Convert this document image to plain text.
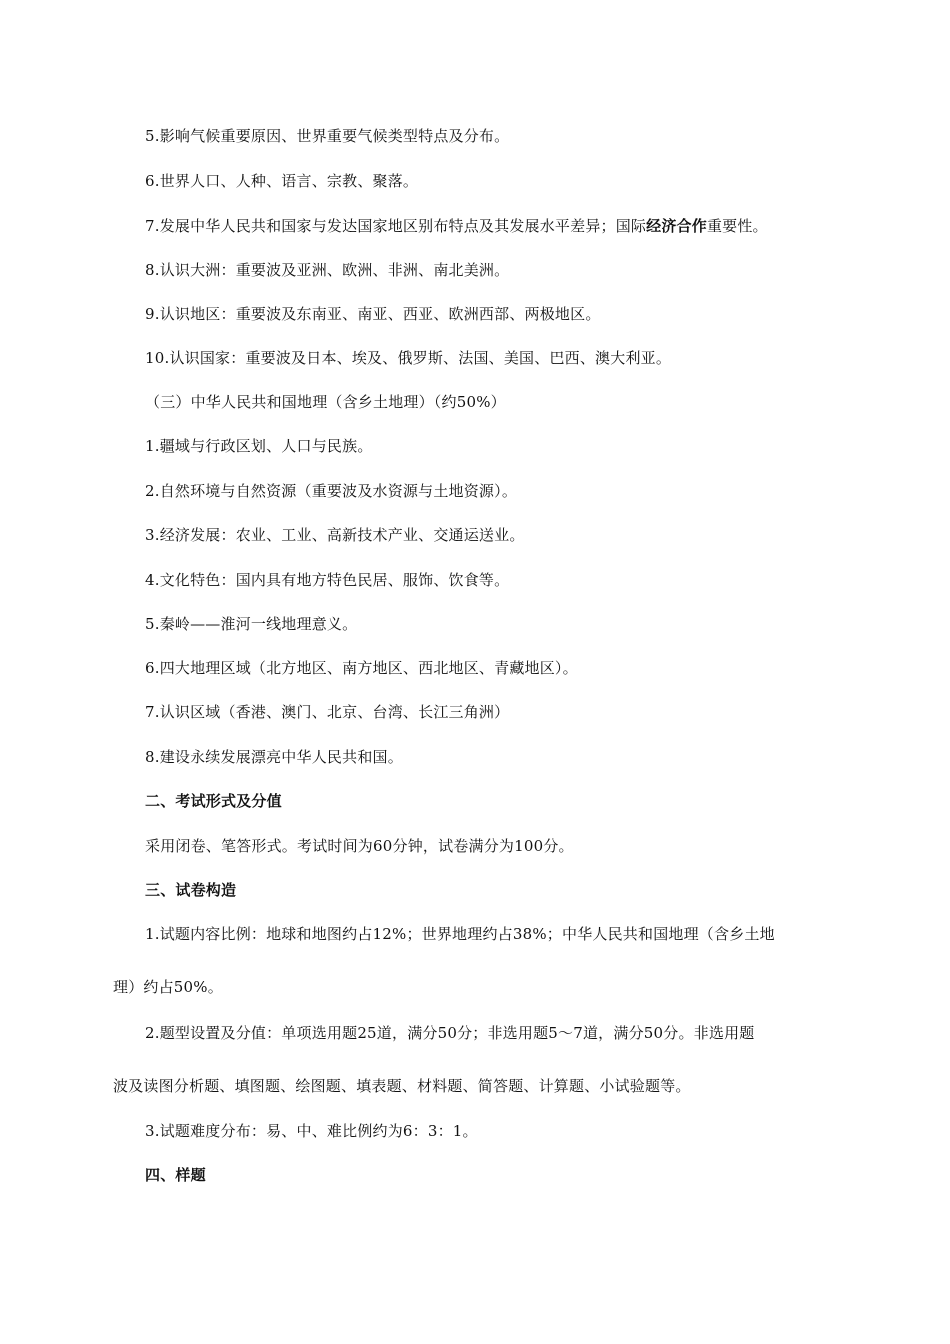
5.影响气候重要原因、世界重要气候类型特点及分布。
6.世界人口、人种、语言、宗教、聚落。
7.发展中华人民共和国家与发达国家地区别布特点及其发展水平差异；国际经济合作重要性。
8.认识大洲：重要波及亚洲、欧洲、非洲、南北美洲。
9.认识地区：重要波及东南亚、南亚、西亚、欧洲西部、两极地区。
10.认识国家：重要波及日本、埃及、俄罗斯、法国、美国、巴西、澳大利亚。
（三）中华人民共和国地理（含乡土地理）（约50%）
1.疆域与行政区划、人口与民族。
2.自然环境与自然资源（重要波及水资源与土地资源）。
3.经济发展：农业、工业、高新技术产业、交通运送业。
4.文化特色：国内具有地方特色民居、服饰、饮食等。
5.秦岭——淮河一线地理意义。
6.四大地理区域（北方地区、南方地区、西北地区、青藏地区）。
7.认识区域（香港、澳门、北京、台湾、长江三角洲）
8.建设永续发展漂亮中华人民共和国。
二、考试形式及分值
采用闭卷、笔答形式。考试时间为60分钟，试卷满分为100分。
三、试卷构造
1.试题内容比例：地球和地图约占12%；世界地理约占38%；中华人民共和国地理（含乡土地
理）约占50%。
2.题型设置及分值：单项选用题25道，满分50分；非选用题5～7道，满分50分。非选用题
波及读图分析题、填图题、绘图题、填表题、材料题、简答题、计算题、小试验题等。
3.试题难度分布：易、中、难比例约为6：3：1。
四、样题
